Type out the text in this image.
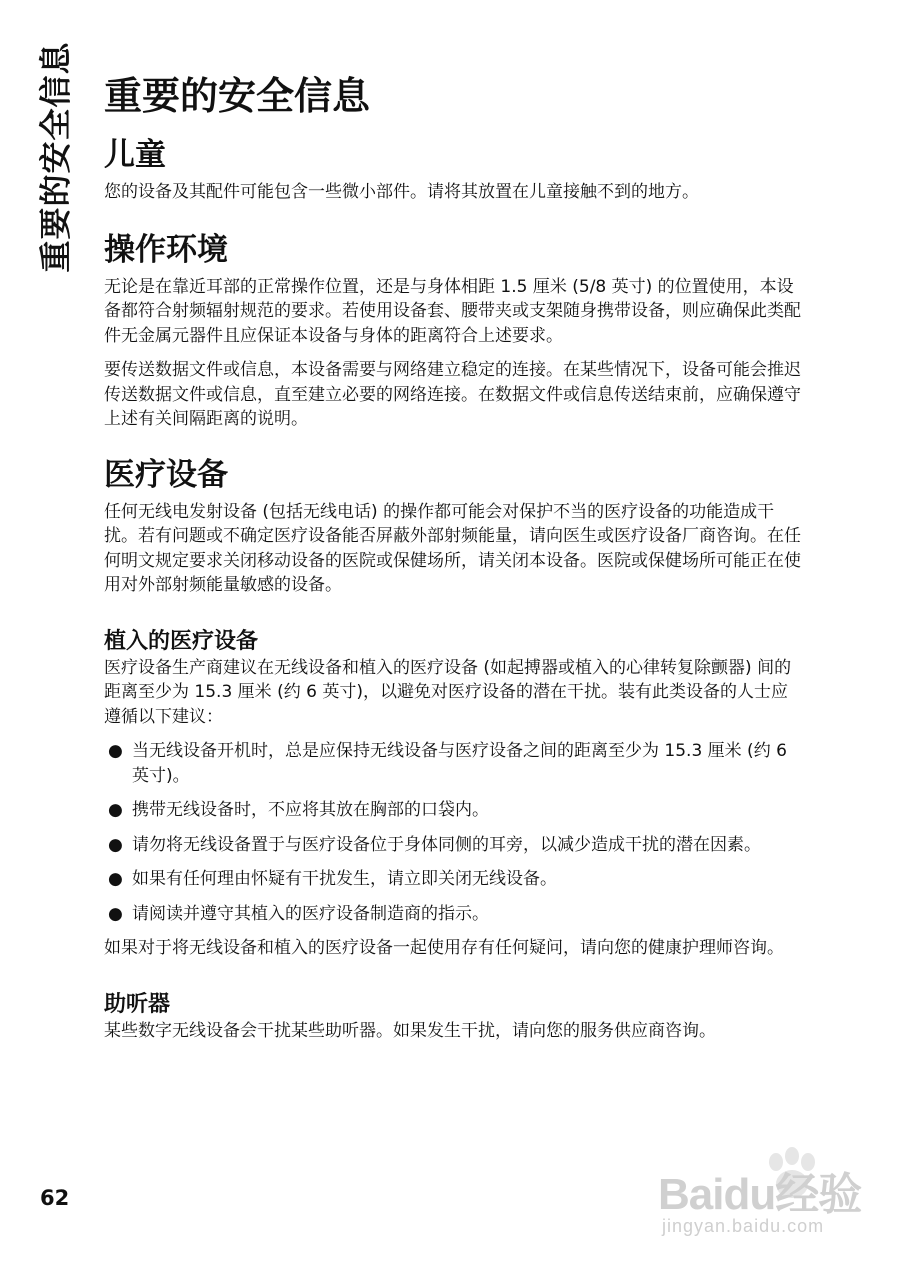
重要的安全信息 重要的安全信息
儿童

您的设备及其配件可能包含一些微小部件。请将其放置在儿童接触不到的地方。

操作环境

无论是在靠近耳部的正常操作位置，还是与身体相距 1.5 厘米 (5/8 英寸) 的位置使用，本设备都符合射频辐射规范的要求。若使用设备套、腰带夹或支架随身携带设备，则应确保此类配件无金属元器件且应保证本设备与身体的距离符合上述要求。

要传送数据文件或信息，本设备需要与网络建立稳定的连接。在某些情况下，设备可能会推迟传送数据文件或信息，直至建立必要的网络连接。在数据文件或信息传送结束前，应确保遵守上述有关间隔距离的说明。

医疗设备

任何无线电发射设备 (包括无线电话) 的操作都可能会对保护不当的医疗设备的功能造成干扰。若有问题或不确定医疗设备能否屏蔽外部射频能量，请向医生或医疗设备厂商咨询。在任何明文规定要求关闭移动设备的医院或保健场所，请关闭本设备。医院或保健场所可能正在使用对外部射频能量敏感的设备。

植入的医疗设备

医疗设备生产商建议在无线设备和植入的医疗设备 (如起搏器或植入的心律转复除颤器) 间的距离至少为 15.3 厘米 (约 6 英寸)，以避免对医疗设备的潜在干扰。装有此类设备的人士应遵循以下建议：

● 当无线设备开机时，总是应保持无线设备与医疗设备之间的距离至少为 15.3 厘米 (约 6 英寸)。
● 携带无线设备时，不应将其放在胸部的口袋内。
● 请勿将无线设备置于与医疗设备位于身体同侧的耳旁，以减少造成干扰的潜在因素。
● 如果有任何理由怀疑有干扰发生，请立即关闭无线设备。
● 请阅读并遵守其植入的医疗设备制造商的指示。

如果对于将无线设备和植入的医疗设备一起使用存有任何疑问，请向您的健康护理师咨询。

助听器

某些数字无线设备会干扰某些助听器。如果发生干扰，请向您的服务供应商咨询。

62	Baidu经验
jingyan.baidu.com
